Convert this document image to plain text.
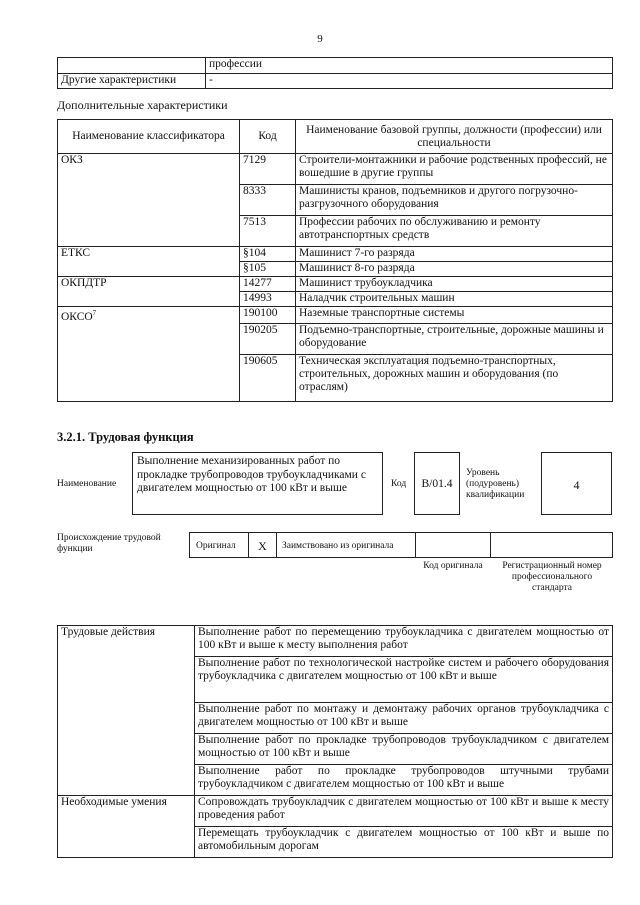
9
	профессии
Другие характеристики	-
Дополнительные характеристики
Наименование классификатора	Код	Наименование базовой группы, должности (профессии) или специальности
ОКЗ	7129	Строители-монтажники и рабочие родственных профессий, не вошедшие в другие группы
	8333	Машинисты кранов, подъемников и другого погрузочно-разгрузочного оборудования
	7513	Профессии рабочих по обслуживанию и ремонту автотранспортных средств
ЕТКС	§104	Машинист 7-го разряда
	§105	Машинист 8-го разряда
ОКПДТР	14277	Машинист трубоукладчика
	14993	Наладчик строительных машин
ОКСО$^7$	190100	Наземные транспортные системы
	190205	Подъемно-транспортные, строительные, дорожные машины и оборудование
	190605	Техническая эксплуатация подъемно-транспортных, строительных, дорожных машин и оборудования (по отраслям)
3.2.1. Трудовая функция
Наименование
Выполнение механизированных работ по прокладке трубопроводов трубоукладчиками с двигателем мощностью от 100 кВт и выше	Код	B/01.4
Уровень (подуровень) квалификации
4
Происхождение трудовой функции	Оригинал	X	Заимствовано из оригинала
Код оригинала	Регистрационный номер профессионального стандарта
Трудовые действия	Выполнение работ по перемещению трубоукладчика с двигателем мощностью от 100 кВт и выше к месту выполнения работ
	Выполнение работ по технологической настройке систем и рабочего оборудования трубоукладчика с двигателем мощностью от 100 кВт и выше
	Выполнение работ по монтажу и демонтажу рабочих органов трубоукладчика с двигателем мощностью от 100 кВт и выше
	Выполнение работ по прокладке трубопроводов трубоукладчиком с двигателем мощностью от 100 кВт и выше
	Выполнение работ по прокладке трубопроводов штучными трубами трубоукладчиком с двигателем мощностью от 100 кВт и выше
Необходимые умения	Сопровождать трубоукладчик с двигателем мощностью от 100 кВт и выше к месту проведения работ
	Перемещать трубоукладчик с двигателем мощностью от 100 кВт и выше по автомобильным дорогам
